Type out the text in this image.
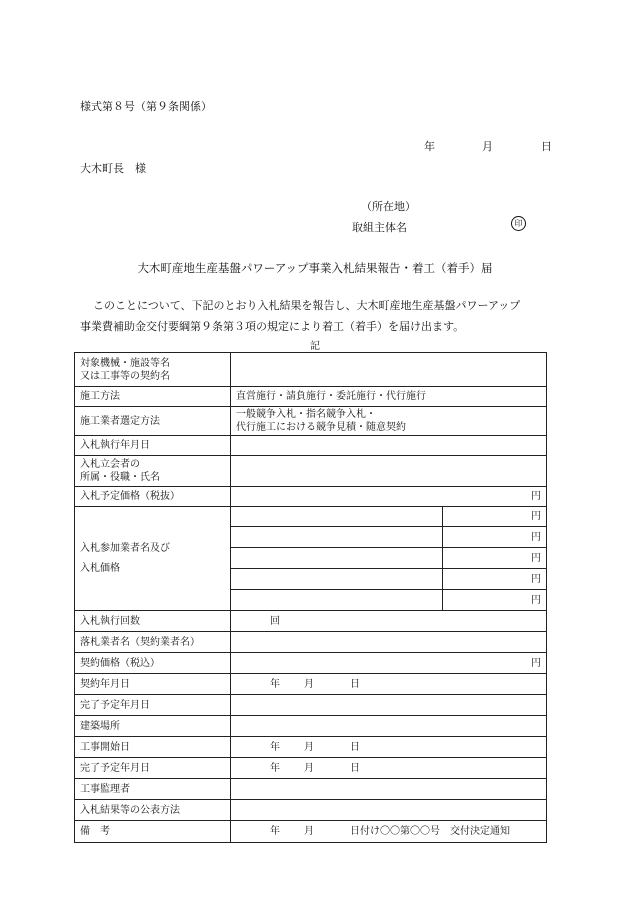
様式第８号（第９条関係）
年	月	日
大木町長　様
（所在地）
取組主体名	印
大木町産地生産基盤パワーアップ事業入札結果報告・着工（着手）届
このことについて、下記のとおり入札結果を報告し、大木町産地生産基盤パワーアップ
事業費補助金交付要綱第９条第３項の規定により着工（着手）を届け出ます。
記
対象機械・施設等名
又は工事等の契約名		

施工方法	直営施行・請負施行・委託施行・代行施行	
施工業者選定方法	一般競争入札・指名競争入札・
代行施工における競争見積・随意契約	

入札執行年月日		

入札立会者の
所属・役職・氏名		

入札予定価格（税抜）	円	

入札参加業者名及び
入札価格		円
		円
		円
		円
		円
入札執行回数	回	
落札業者名（契約業者名）		
契約価格（税込）	円	
契約年月日	年 月 日	

完了予定年月日		
建築場所		
工事開始日	年 月 日	

完了予定年月日	年 月 日	

工事監理者		
入札結果等の公表方法		
備　考	年 月 日付け〇〇第〇〇号　交付決定通知	
